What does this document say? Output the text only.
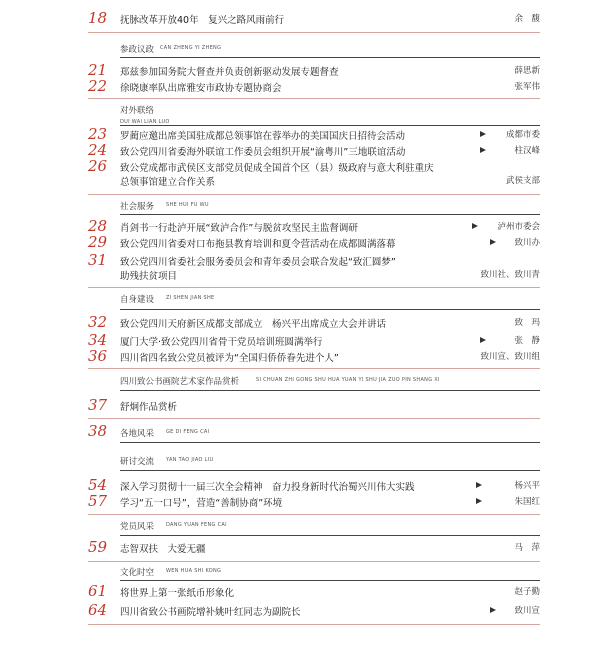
18	抚脉改革开放40年　复兴之路风雨前行	余　馥
参政议政 CAN ZHENG YI ZHENG
21	郑兹参加国务院大督查并负责创新驱动发展专题督查	薛思新
22	徐晓康率队出席雅安市政协专题协商会	张军伟
对外联络
DUI WAI LIAN LUO
23	罗蔺应邀出席美国驻成都总领事馆在蓉举办的美国国庆日招待会活动	成都市委
24	致公党四川省委海外联谊工作委员会组织开展“渝粤川”三地联谊活动	柱汉峰
26	致公党成都市武侯区支部党员促成全国首个区（县）级政府与意大利驻重庆
总领事馆建立合作关系	武侯支部
社会服务 SHE HUI FU WU
28	肖剑书一行赴泸开展“致泸合作”与脱贫攻坚民主监督调研	泸州市委会
29	致公党四川省委对口布拖县教育培训和夏令营活动在成都圆满落幕	致川办
31	致公党四川省委社会服务委员会和青年委员会联合发起“致汇圆梦”
助残扶贫项目	致川社、致川青
自身建设 ZI SHEN JIAN SHE
32	致公党四川天府新区成都支部成立　杨兴平出席成立大会并讲话	致　玛
34	厦门大学·致公党四川省骨干党员培训班圆满举行	张　静
36	四川省四名致公党员被评为“全国归侨侨眷先进个人”	致川宣、致川组
四川致公书画院艺术家作品赏析	SI CHUAN ZHI GONG SHU HUA YUAN YI SHU JIA ZUO PIN SHANG XI
37	舒炯作品赏析
38	各地风采 GE DI FENG CAI
研讨交流 YAN TAO JIAO LIU
54	深入学习贯彻十一届三次全会精神　奋力投身新时代治蜀兴川伟大实践	杨兴平
57	学习“五一口号”，营造“善制协商”环境	朱国红
党员风采 DANG YUAN FENG CAI
59	志智双扶　大爱无疆	马　萍
文化时空 WEN HUA SHI KONG
61	将世界上第一张纸币形象化	赵子勤
64	四川省致公书画院增补姚叶红同志为副院长	致川宣
